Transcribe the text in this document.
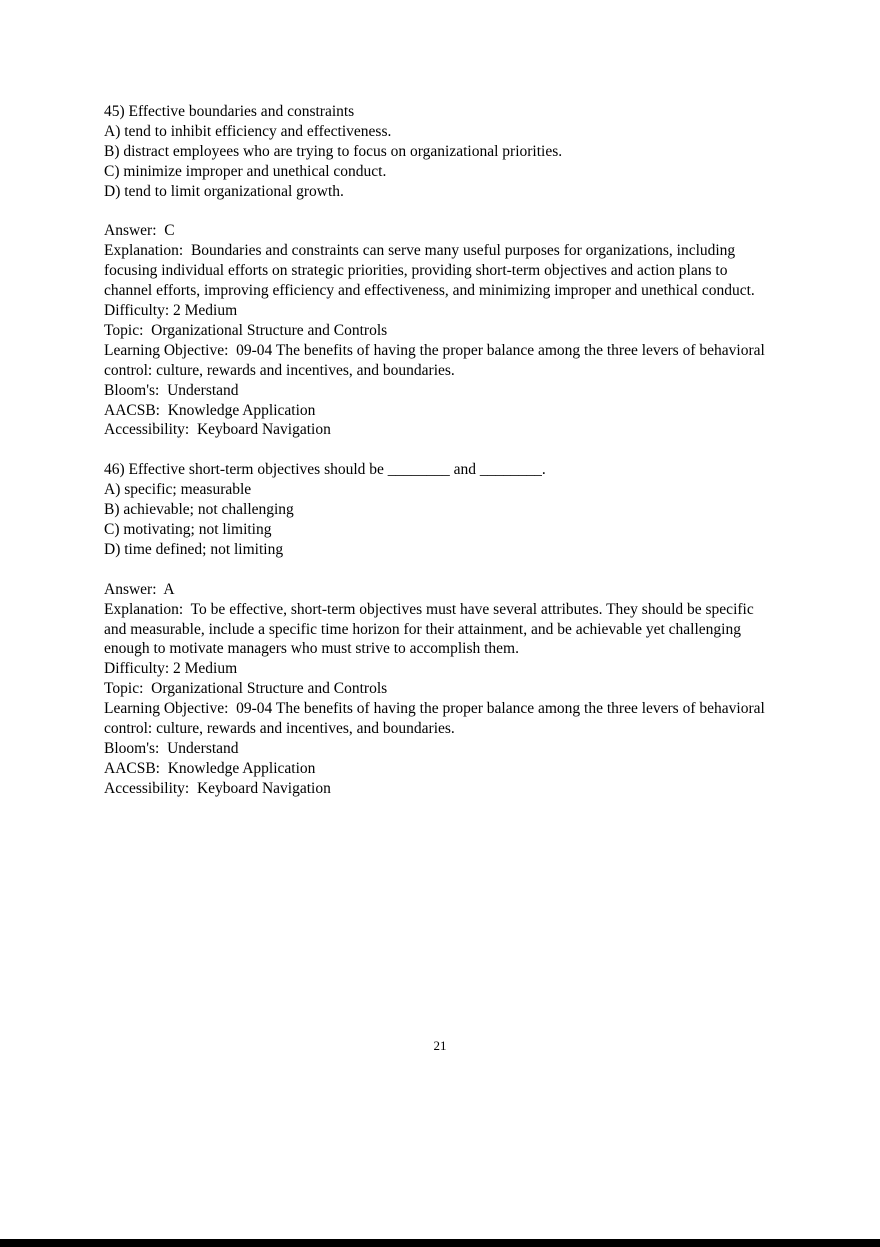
45) Effective boundaries and constraints
A) tend to inhibit efficiency and effectiveness.
B) distract employees who are trying to focus on organizational priorities.
C) minimize improper and unethical conduct.
D) tend to limit organizational growth.
Answer:  C
Explanation:  Boundaries and constraints can serve many useful purposes for organizations, including focusing individual efforts on strategic priorities, providing short-term objectives and action plans to channel efforts, improving efficiency and effectiveness, and minimizing improper and unethical conduct.
Difficulty: 2 Medium
Topic:  Organizational Structure and Controls
Learning Objective:  09-04 The benefits of having the proper balance among the three levers of behavioral control: culture, rewards and incentives, and boundaries.
Bloom's:  Understand
AACSB:  Knowledge Application
Accessibility:  Keyboard Navigation
46) Effective short-term objectives should be ________ and ________.
A) specific; measurable
B) achievable; not challenging
C) motivating; not limiting
D) time defined; not limiting
Answer:  A
Explanation:  To be effective, short-term objectives must have several attributes. They should be specific and measurable, include a specific time horizon for their attainment, and be achievable yet challenging enough to motivate managers who must strive to accomplish them.
Difficulty: 2 Medium
Topic:  Organizational Structure and Controls
Learning Objective:  09-04 The benefits of having the proper balance among the three levers of behavioral control: culture, rewards and incentives, and boundaries.
Bloom's:  Understand
AACSB:  Knowledge Application
Accessibility:  Keyboard Navigation
21
